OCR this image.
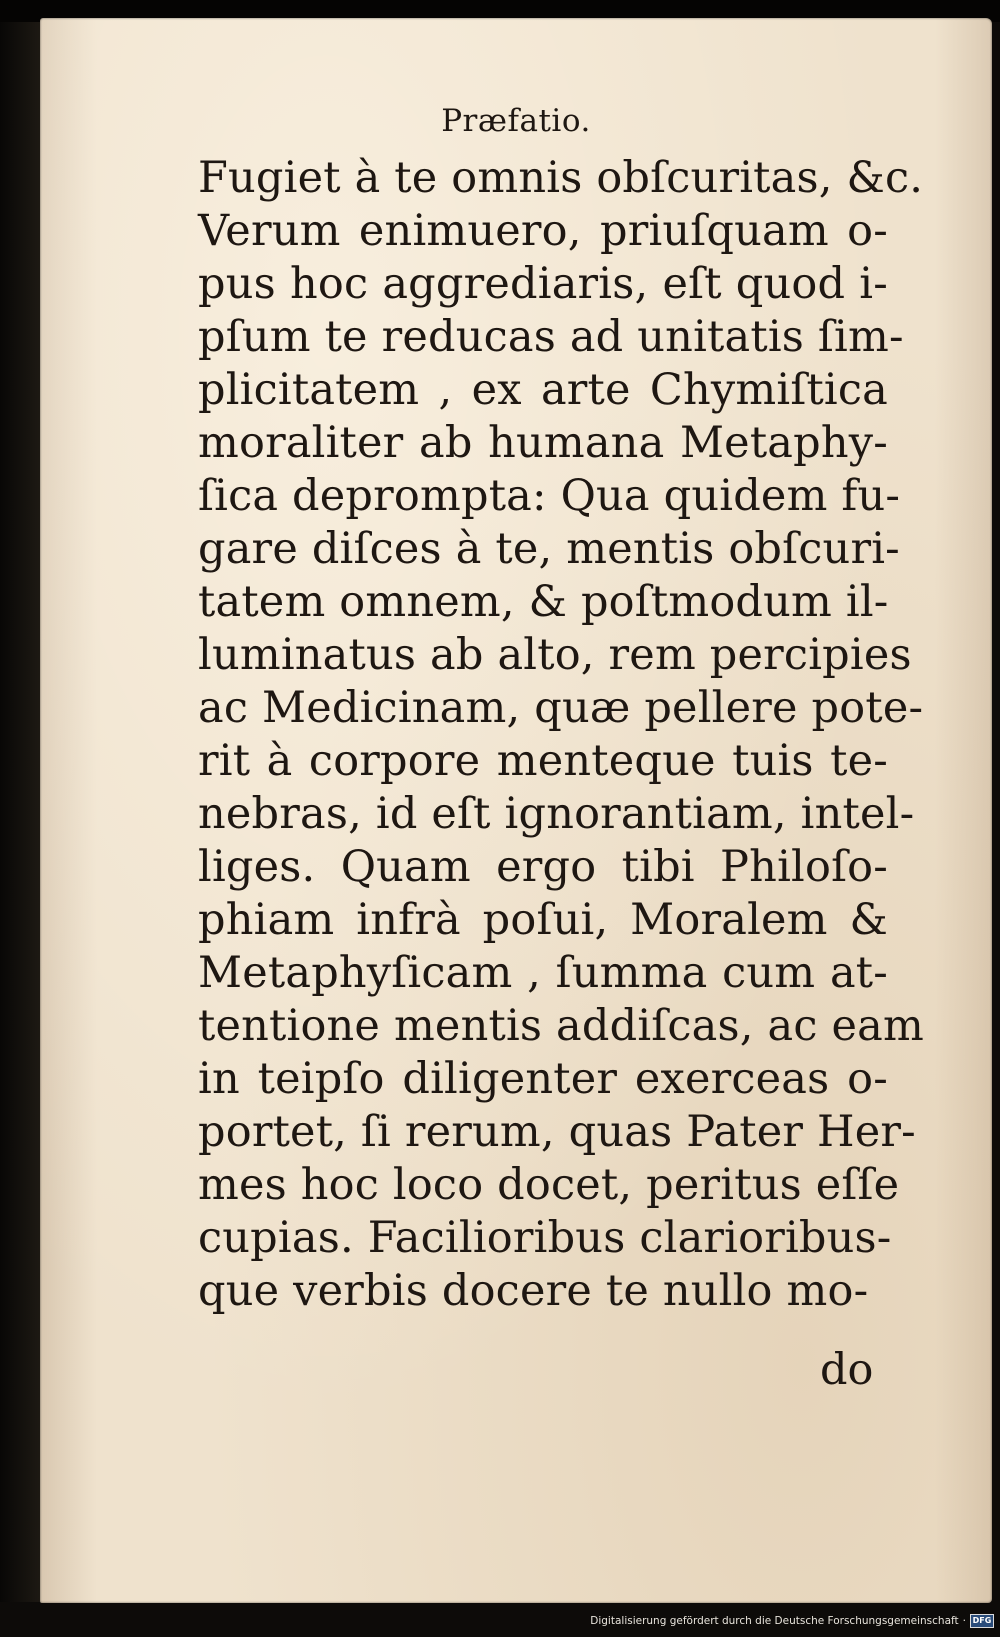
Præfatio.
Fugiet à te omnis obſcuritas, &c.
Verum enimuero, priuſquam o-
pus hoc aggrediaris, eſt quod i-
pſum te reducas ad unitatis ſim-
plicitatem , ex arte Chymiſtica
moraliter ab humana Metaphy-
ſica deprompta: Qua quidem fu-
gare diſces à te, mentis obſcuri-
tatem omnem, & poſtmodum il-
luminatus ab alto, rem percipies
ac Medicinam, quæ pellere pote-
rit à corpore menteque tuis te-
nebras, id eſt ignorantiam, intel-
liges. Quam ergo tibi Philoſo-
phiam infrà poſui, Moralem &
Metaphyſicam , ſumma cum at-
tentione mentis addiſcas, ac eam
in teipſo diligenter exerceas o-
portet, ſi rerum, quas Pater Her-
mes hoc loco docet, peritus eſſe
cupias. Facilioribus clarioribus-
que verbis docere te nullo mo-
do
Digitalisierung gefördert durch die Deutsche Forschungsgemeinschaft · DFG
